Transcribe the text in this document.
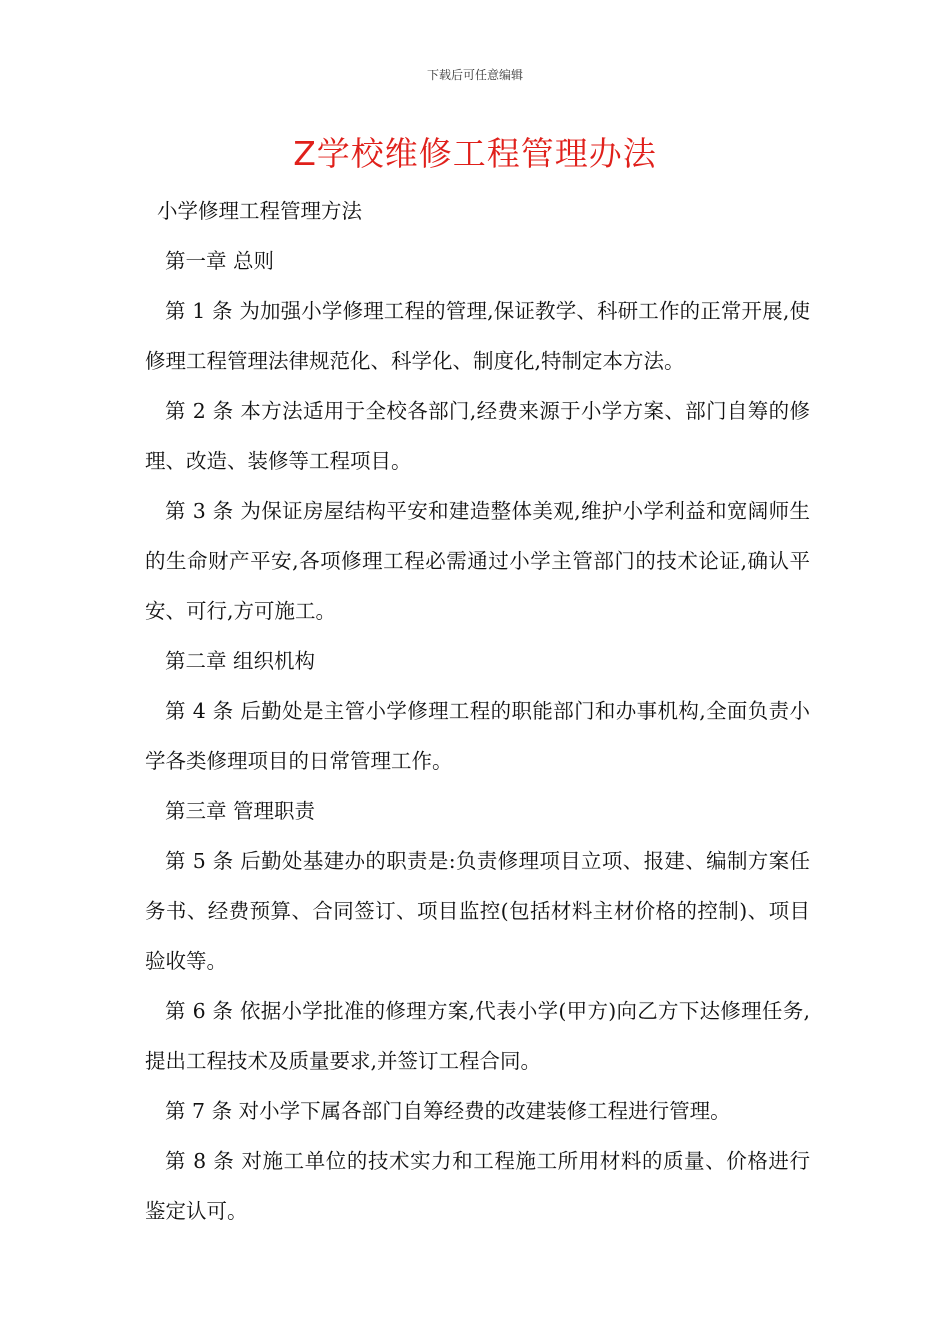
下载后可任意编辑
Z学校维修工程管理办法

小学修理工程管理方法

第一章 总则

第 1 条 为加强小学修理工程的管理,保证教学、科研工作的正常开展,使修理工程管理法律规范化、科学化、制度化,特制定本方法。

第 2 条 本方法适用于全校各部门,经费来源于小学方案、部门自筹的修理、改造、装修等工程项目。

第 3 条 为保证房屋结构平安和建造整体美观,维护小学利益和宽阔师生的生命财产平安,各项修理工程必需通过小学主管部门的技术论证,确认平安、可行,方可施工。

第二章 组织机构

第 4 条 后勤处是主管小学修理工程的职能部门和办事机构,全面负责小学各类修理项目的日常管理工作。

第三章 管理职责

第 5 条 后勤处基建办的职责是:负责修理项目立项、报建、编制方案任务书、经费预算、合同签订、项目监控(包括材料主材价格的控制)、项目验收等。

第 6 条 依据小学批准的修理方案,代表小学(甲方)向乙方下达修理任务,提出工程技术及质量要求,并签订工程合同。

第 7 条 对小学下属各部门自筹经费的改建装修工程进行管理。

第 8 条 对施工单位的技术实力和工程施工所用材料的质量、价格进行鉴定认可。
